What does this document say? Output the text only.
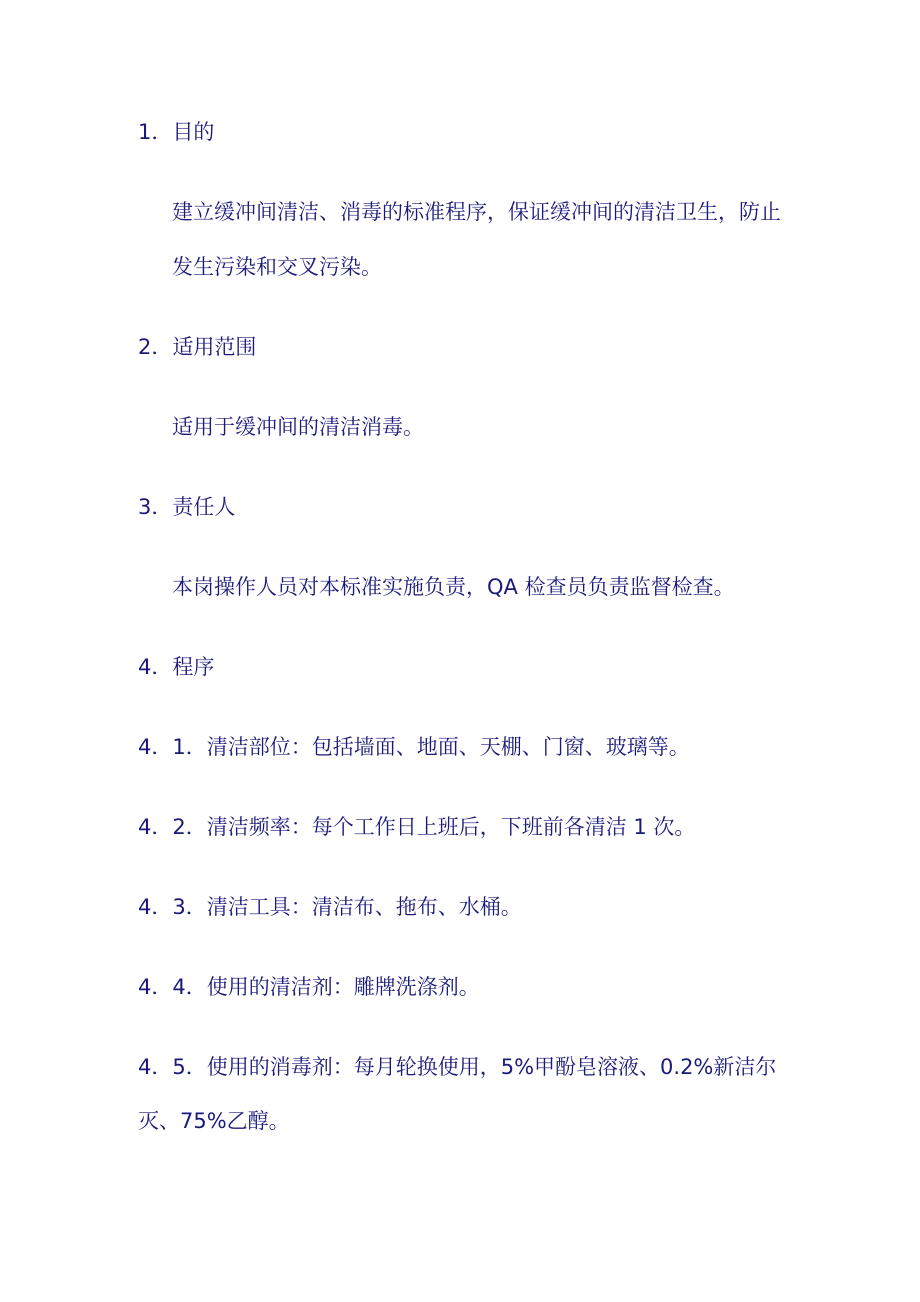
1．目的
建立缓冲间清洁、消毒的标准程序，保证缓冲间的清洁卫生，防止
发生污染和交叉污染。
2．适用范围
适用于缓冲间的清洁消毒。
3．责任人
本岗操作人员对本标准实施负责，QA 检查员负责监督检查。
4．程序
4．1．清洁部位：包括墙面、地面、天棚、门窗、玻璃等。
4．2．清洁频率：每个工作日上班后，下班前各清洁 1 次。
4．3．清洁工具：清洁布、拖布、水桶。
4．4．使用的清洁剂：雕牌洗涤剂。
4．5．使用的消毒剂：每月轮换使用，5%甲酚皂溶液、0.2%新洁尔
灭、75%乙醇。
